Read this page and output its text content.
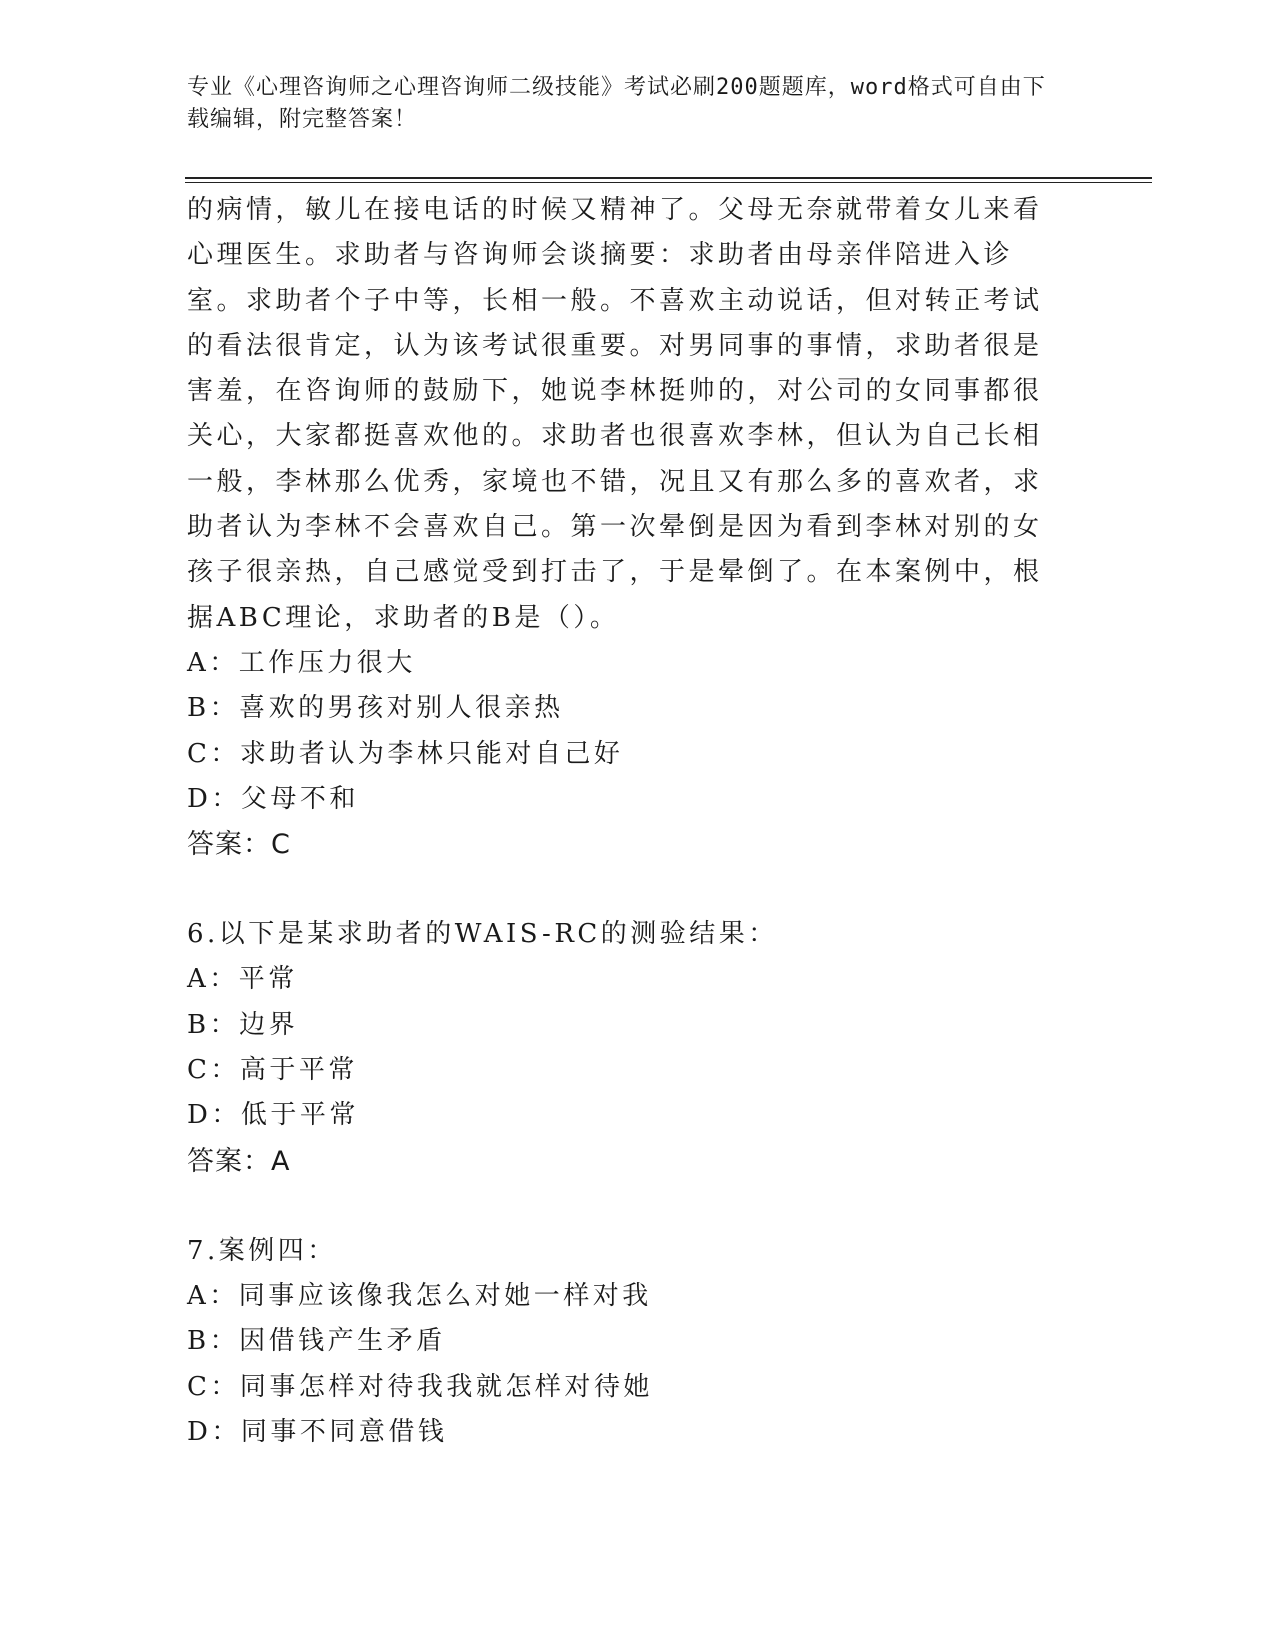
专业《心理咨询师之心理咨询师二级技能》考试必刷200题题库，word格式可自由下载编辑，附完整答案！

的病情，敏儿在接电话的时候又精神了。父母无奈就带着女儿来看心理医生。求助者与咨询师会谈摘要：求助者由母亲伴陪进入诊室。求助者个子中等，长相一般。不喜欢主动说话，但对转正考试的看法很肯定，认为该考试很重要。对男同事的事情，求助者很是害羞，在咨询师的鼓励下，她说李林挺帅的，对公司的女同事都很关心，大家都挺喜欢他的。求助者也很喜欢李林，但认为自己长相一般，李林那么优秀，家境也不错，况且又有那么多的喜欢者，求助者认为李林不会喜欢自己。第一次晕倒是因为看到李林对别的女孩子很亲热，自己感觉受到打击了，于是晕倒了。在本案例中，根据ABC理论，求助者的B是（）。

A：工作压力很大

B：喜欢的男孩对别人很亲热

C：求助者认为李林只能对自己好

D：父母不和

答案：C

6.以下是某求助者的WAIS-RC的测验结果：

A：平常

B：边界

C：高于平常

D：低于平常

答案：A

7.案例四：

A：同事应该像我怎么对她一样对我

B：因借钱产生矛盾

C：同事怎样对待我我就怎样对待她

D：同事不同意借钱
